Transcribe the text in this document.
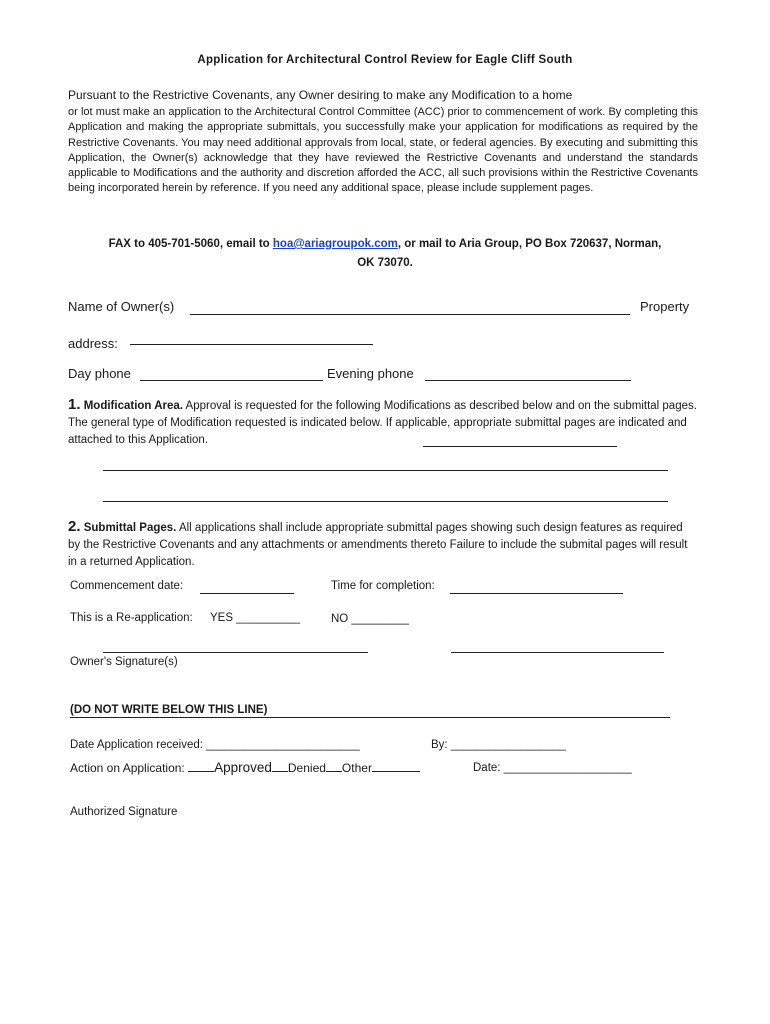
Application for Architectural Control Review for Eagle Cliff South
Pursuant to the Restrictive Covenants, any Owner desiring to make any Modification to a home
or lot must make an application to the Architectural Control Committee (ACC) prior to commencement of work. By completing this Application and making the appropriate submittals, you successfully make your application for modifications as required by the Restrictive Covenants. You may need additional approvals from local, state, or federal agencies. By executing and submitting this Application, the Owner(s) acknowledge that they have reviewed the Restrictive Covenants and understand the standards applicable to Modifications and the authority and discretion afforded the ACC, all such provisions within the Restrictive Covenants being incorporated herein by reference. If you need any additional space, please include supplement pages.
FAX to 405-701-5060, email to hoa@ariagroupok.com, or mail to Aria Group, PO Box 720637, Norman,
OK 73070.
Name of Owner(s)	Property
address:
Day phone	Evening phone
1. Modification Area. Approval is requested for the following Modifications as described below and on the submittal pages. The general type of Modification requested is indicated below. If applicable, appropriate submittal pages are indicated and attached to this Application.
2. Submittal Pages. All applications shall include appropriate submittal pages showing such design features as required by the Restrictive Covenants and any attachments or amendments thereto Failure to include the submital pages will result in a returned Application.
Commencement date:	Time for completion:
This is a Re-application: YES __________	NO _________
Owner's Signature(s)
(DO NOT WRITE BELOW THIS LINE)
Date Application received: ________________________	By: __________________
Action on Application: Approved Denied Other	Date: ____________________
Authorized Signature
